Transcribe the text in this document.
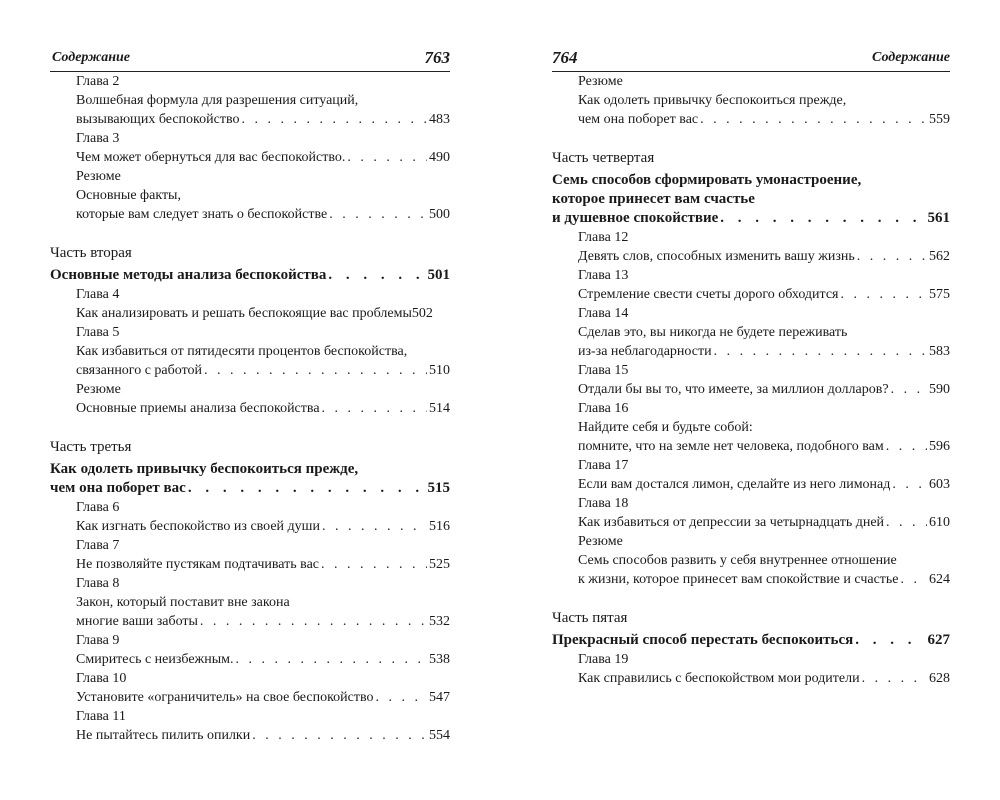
Содержание	763
Глава 2
Волшебная формула для разрешения ситуаций,
вызывающих беспокойство . . .	483
Глава 3
Чем может обернуться для вас беспокойство. . . .	490
Резюме
Основные факты,
которые вам следует знать о беспокойстве . . .	500
Часть вторая
Основные методы анализа беспокойства . . .	501
Глава 4
Как анализировать и решать беспокоящие вас проблемы 502
Глава 5
Как избавиться от пятидесяти процентов беспокойства,
связанного с работой . . .	510
Резюме
Основные приемы анализа беспокойства . . .	514
Часть третья
Как одолеть привычку беспокоиться прежде,
чем она поборет вас . . .	515
Глава 6
Как изгнать беспокойство из своей души . . .	516
Глава 7
Не позволяйте пустякам подтачивать вас . . .	525
Глава 8
Закон, который поставит вне закона
многие ваши заботы . . .	532
Глава 9
Смиритесь с неизбежным. . . .	538
Глава 10
Установите «ограничитель» на свое беспокойство . . .	547
Глава 11
Не пытайтесь пилить опилки . . .	554
764	Содержание
Резюме
Как одолеть привычку беспокоиться прежде,
чем она поборет вас . . .	559
Часть четвертая
Семь способов сформировать умонастроение,
которое принесет вам счастье
и душевное спокойствие . . .	561
Глава 12
Девять слов, способных изменить вашу жизнь . . .	562
Глава 13
Стремление свести счеты дорого обходится . . .	575
Глава 14
Сделав это, вы никогда не будете переживать
из-за неблагодарности . . .	583
Глава 15
Отдали бы вы то, что имеете, за миллион долларов? . . .	590
Глава 16
Найдите себя и будьте собой:
помните, что на земле нет человека, подобного вам . . .	596
Глава 17
Если вам достался лимон, сделайте из него лимонад . . .	603
Глава 18
Как избавиться от депрессии за четырнадцать дней . . .	610
Резюме
Семь способов развить у себя внутреннее отношение
к жизни, которое принесет вам спокойствие и счастье . . . 624
Часть пятая
Прекрасный способ перестать беспокоиться . . .	627
Глава 19
Как справились с беспокойством мои родители . . .	628
